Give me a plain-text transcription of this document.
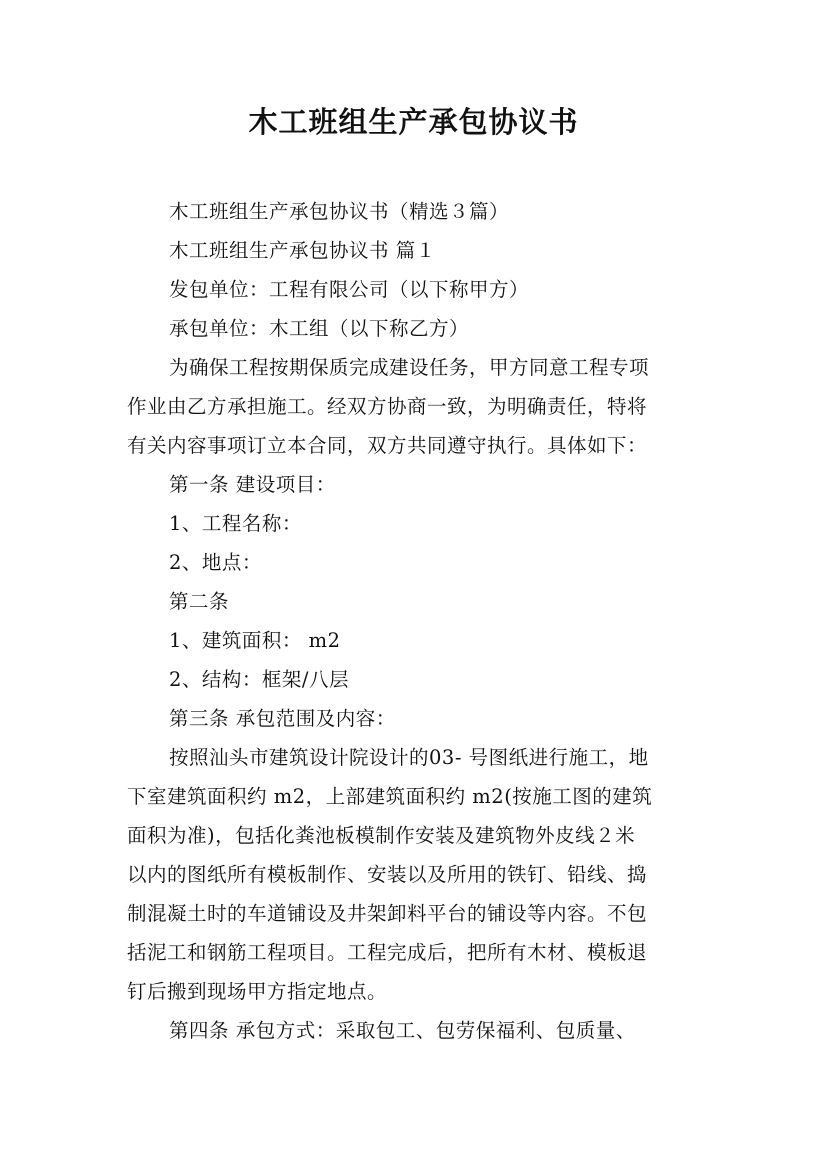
木工班组生产承包协议书

木工班组生产承包协议书（精选３篇）

木工班组生产承包协议书 篇１

发包单位：工程有限公司（以下称甲方）

承包单位：木工组（以下称乙方）

为确保工程按期保质完成建设任务，甲方同意工程专项
作业由乙方承担施工。经双方协商一致，为明确责任，特将
有关内容事项订立本合同，双方共同遵守执行。具体如下：

第一条 建设项目：

1、工程名称：

2、地点：

第二条

1、建筑面积： m2

2、结构：框架/八层

第三条 承包范围及内容：

按照汕头市建筑设计院设计的03- 号图纸进行施工，地
下室建筑面积约 m2，上部建筑面积约 m2(按施工图的建筑
面积为准)，包括化粪池板模制作安装及建筑物外皮线２米
以内的图纸所有模板制作、安装以及所用的铁钉、铅线、捣
制混凝土时的车道铺设及井架卸料平台的铺设等内容。不包
括泥工和钢筋工程项目。工程完成后，把所有木材、模板退
钉后搬到现场甲方指定地点。

第四条 承包方式：采取包工、包劳保福利、包质量、
